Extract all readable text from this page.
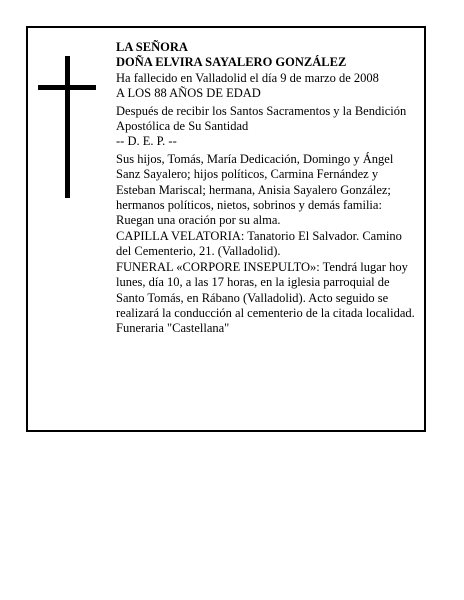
LA SEÑORA

DOÑA ELVIRA SAYALERO GONZÁLEZ

Ha fallecido en Valladolid el día 9 de marzo de 2008

A LOS 88 AÑOS DE EDAD

Después de recibir los Santos Sacramentos y la Bendición Apostólica de Su Santidad

-- D. E. P. --

Sus hijos, Tomás, María Dedicación, Domingo y Ángel Sanz Sayalero; hijos políticos, Carmina Fernández y Esteban Mariscal; hermana, Anisia Sayalero González; hermanos políticos, nietos, sobrinos y demás familia:

Ruegan una oración por su alma.

CAPILLA VELATORIA: Tanatorio El Salvador. Camino del Cementerio, 21. (Valladolid).

FUNERAL «CORPORE INSEPULTO»: Tendrá lugar hoy lunes, día 10, a las 17 horas, en la iglesia parroquial de Santo Tomás, en Rábano (Valladolid). Acto seguido se realizará la conducción al cementerio de la citada localidad.

Funeraria "Castellana"
